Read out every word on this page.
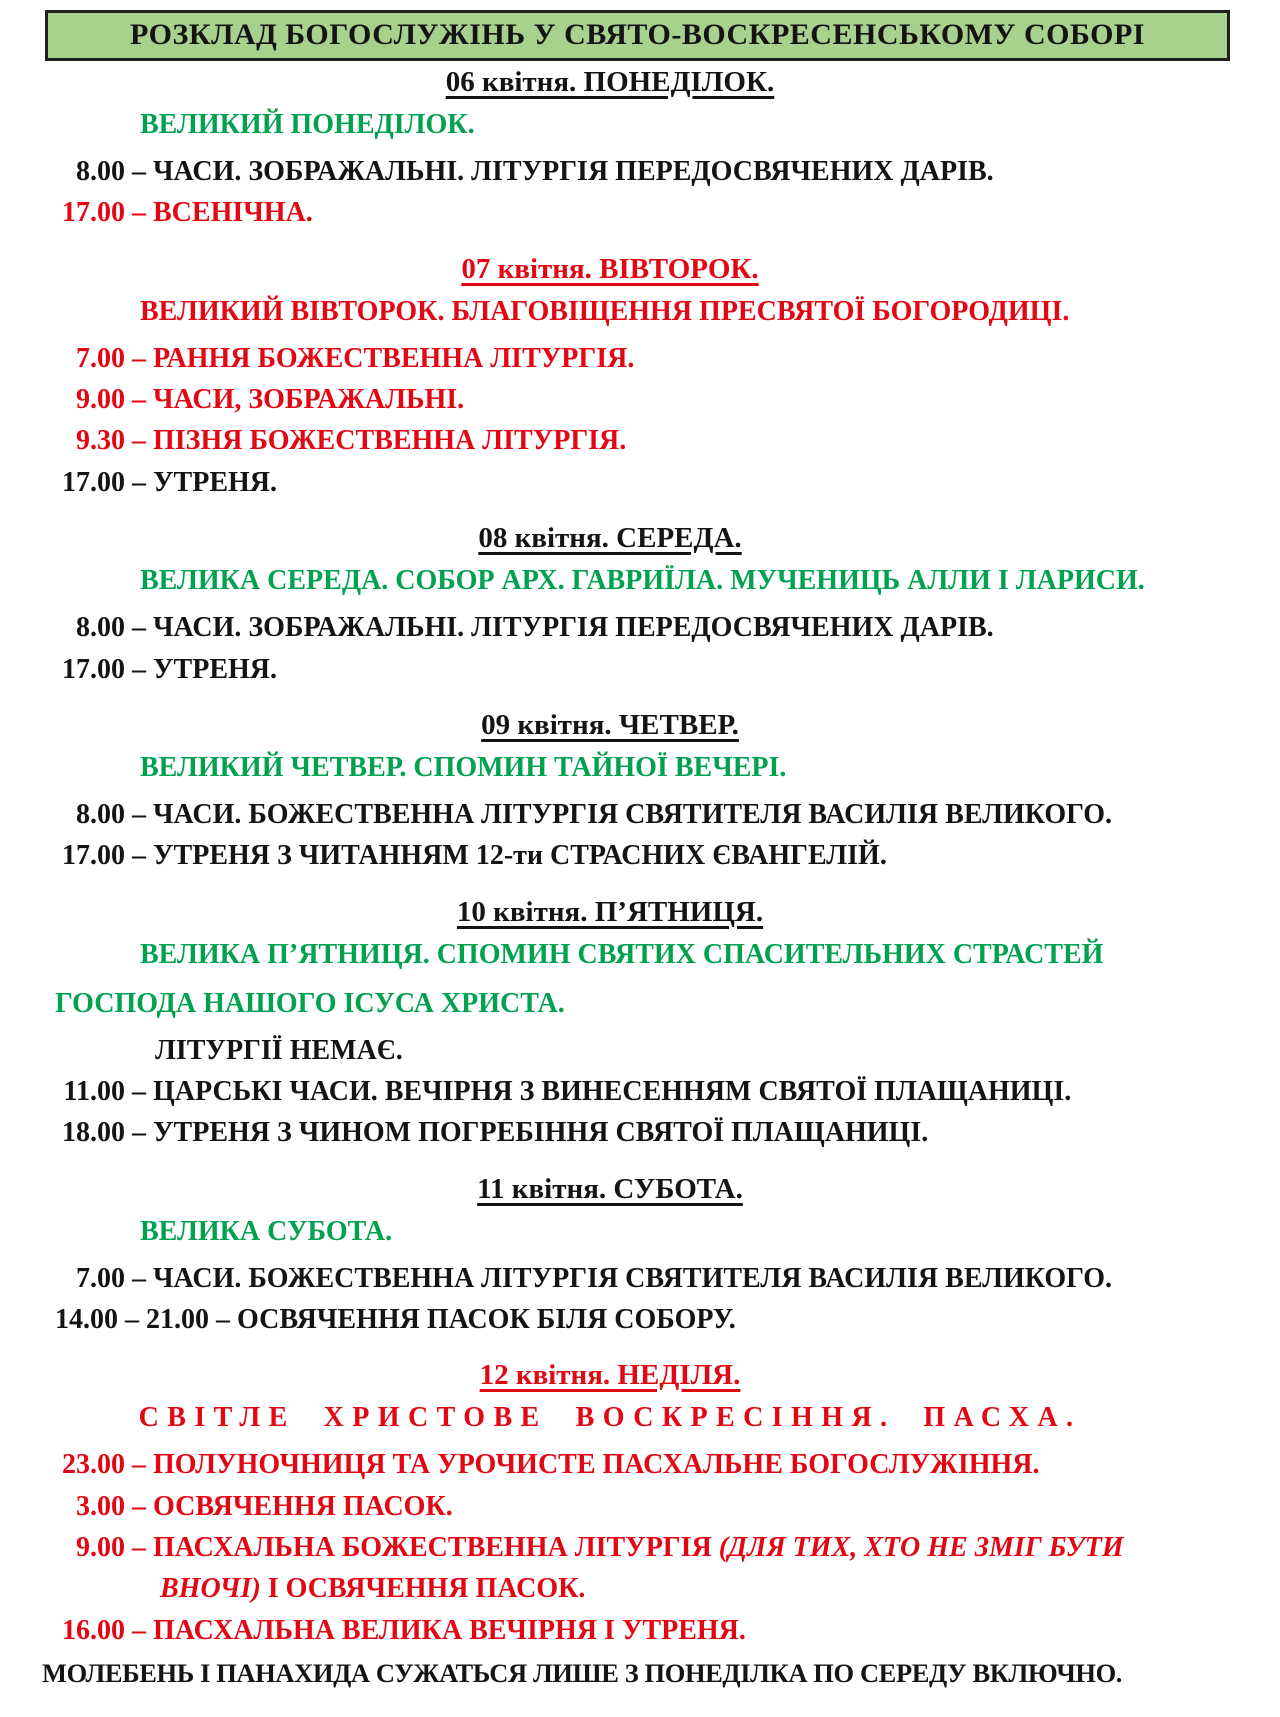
РОЗКЛАД БОГОСЛУЖІНЬ У СВЯТО-ВОСКРЕСЕНСЬКОМУ СОБОРІ
06 квітня. ПОНЕДІЛОК.

ВЕЛИКИЙ ПОНЕДІЛОК.

8.00 – ЧАСИ. ЗОБРАЖАЛЬНІ. ЛІТУРГІЯ ПЕРЕДОСВЯЧЕНИХ ДАРІВ.

17.00 – ВСЕНІЧНА.

07 квітня. ВІВТОРОК.

ВЕЛИКИЙ ВІВТОРОК. БЛАГОВІЩЕННЯ ПРЕСВЯТОЇ БОГОРОДИЦІ.

7.00 – РАННЯ БОЖЕСТВЕННА ЛІТУРГІЯ.

9.00 – ЧАСИ, ЗОБРАЖАЛЬНІ.

9.30 – ПІЗНЯ БОЖЕСТВЕННА ЛІТУРГІЯ.

17.00 – УТРЕНЯ.

08 квітня. СЕРЕДА.

ВЕЛИКА СЕРЕДА. СОБОР АРХ. ГАВРИЇЛА. МУЧЕНИЦЬ АЛЛИ І ЛАРИСИ.

8.00 – ЧАСИ. ЗОБРАЖАЛЬНІ. ЛІТУРГІЯ ПЕРЕДОСВЯЧЕНИХ ДАРІВ.

17.00 – УТРЕНЯ.

09 квітня. ЧЕТВЕР.

ВЕЛИКИЙ ЧЕТВЕР. СПОМИН ТАЙНОЇ ВЕЧЕРІ.

8.00 – ЧАСИ. БОЖЕСТВЕННА ЛІТУРГІЯ СВЯТИТЕЛЯ ВАСИЛІЯ ВЕЛИКОГО.

17.00 – УТРЕНЯ З ЧИТАННЯМ 12-ти СТРАСНИХ ЄВАНГЕЛІЙ.

10 квітня. П’ЯТНИЦЯ.

ВЕЛИКА П’ЯТНИЦЯ. СПОМИН СВЯТИХ СПАСИТЕЛЬНИХ СТРАСТЕЙ

ГОСПОДА НАШОГО ІСУСА ХРИСТА.

ЛІТУРГІЇ НЕМАЄ.

11.00 – ЦАРСЬКІ ЧАСИ. ВЕЧІРНЯ З ВИНЕСЕННЯМ СВЯТОЇ ПЛАЩАНИЦІ.

18.00 – УТРЕНЯ З ЧИНОМ ПОГРЕБІННЯ СВЯТОЇ ПЛАЩАНИЦІ.

11 квітня. СУБОТА.

ВЕЛИКА СУБОТА.

7.00 – ЧАСИ. БОЖЕСТВЕННА ЛІТУРГІЯ СВЯТИТЕЛЯ ВАСИЛІЯ ВЕЛИКОГО.

14.00 – 21.00 – ОСВЯЧЕННЯ ПАСОК БІЛЯ СОБОРУ.

12 квітня. НЕДІЛЯ.

СВІТЛЕ ХРИСТОВЕ ВОСКРЕСІННЯ. ПАСХА.

23.00 – ПОЛУНОЧНИЦЯ ТА УРОЧИСТЕ ПАСХАЛЬНЕ БОГОСЛУЖІННЯ.

3.00 – ОСВЯЧЕННЯ ПАСОК.

9.00 – ПАСХАЛЬНА БОЖЕСТВЕННА ЛІТУРГІЯ (ДЛЯ ТИХ, ХТО НЕ ЗМІГ БУТИ

ВНОЧІ) І ОСВЯЧЕННЯ ПАСОК.

16.00 – ПАСХАЛЬНА ВЕЛИКА ВЕЧІРНЯ І УТРЕНЯ.

МОЛЕБЕНЬ І ПАНАХИДА СУЖАТЬСЯ ЛИШЕ З ПОНЕДІЛКА ПО СЕРЕДУ ВКЛЮЧНО.
